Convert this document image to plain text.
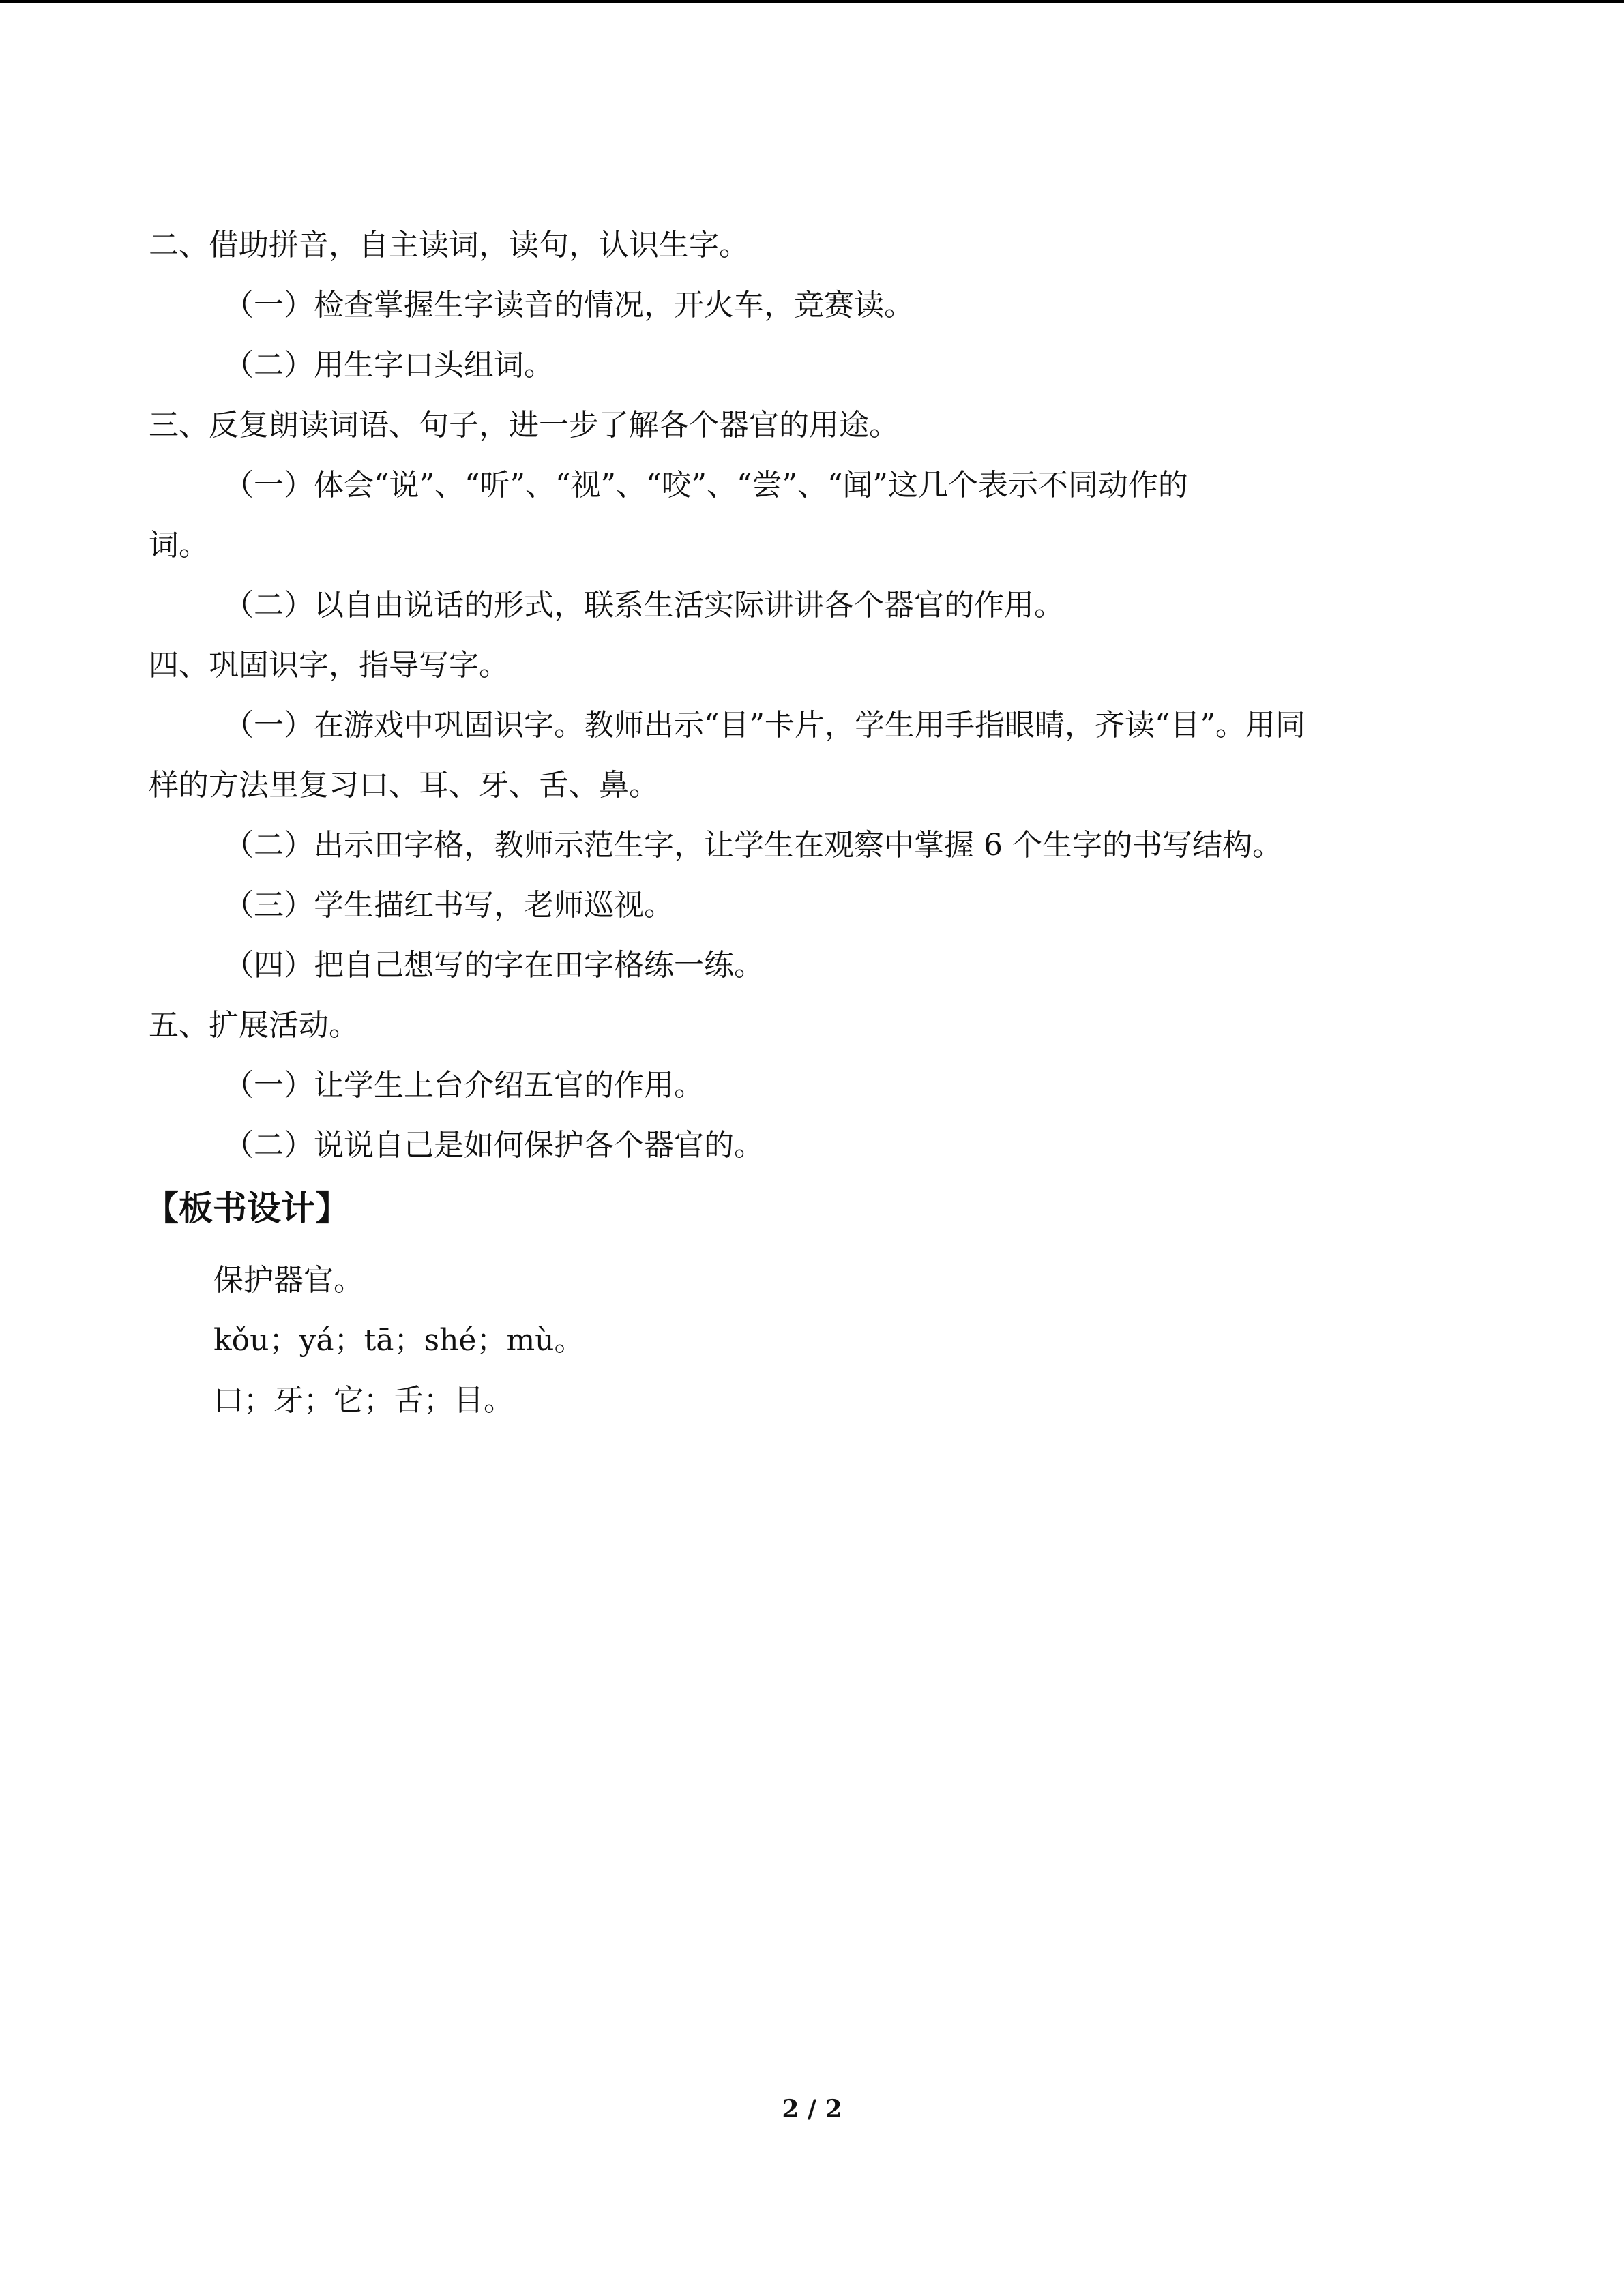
二、借助拼音，自主读词，读句，认识生字。
（一）检查掌握生字读音的情况，开火车，竞赛读。
（二）用生字口头组词。
三、反复朗读词语、句子，进一步了解各个器官的用途。
（一）体会“说”、“听”、“视”、“咬”、“尝”、“闻”这几个表示不同动作的
词。
（二）以自由说话的形式，联系生活实际讲讲各个器官的作用。
四、巩固识字，指导写字。
（一）在游戏中巩固识字。教师出示“目”卡片，学生用手指眼睛，齐读“目”。用同
样的方法里复习口、耳、牙、舌、鼻。
（二）出示田字格，教师示范生字，让学生在观察中掌握 6 个生字的书写结构。
（三）学生描红书写，老师巡视。
（四）把自己想写的字在田字格练一练。
五、扩展活动。
（一）让学生上台介绍五官的作用。
（二）说说自己是如何保护各个器官的。
【板书设计】
保护器官。
kǒu；yá；tā；shé；mù。
口；牙；它；舌；目。
2 / 2
